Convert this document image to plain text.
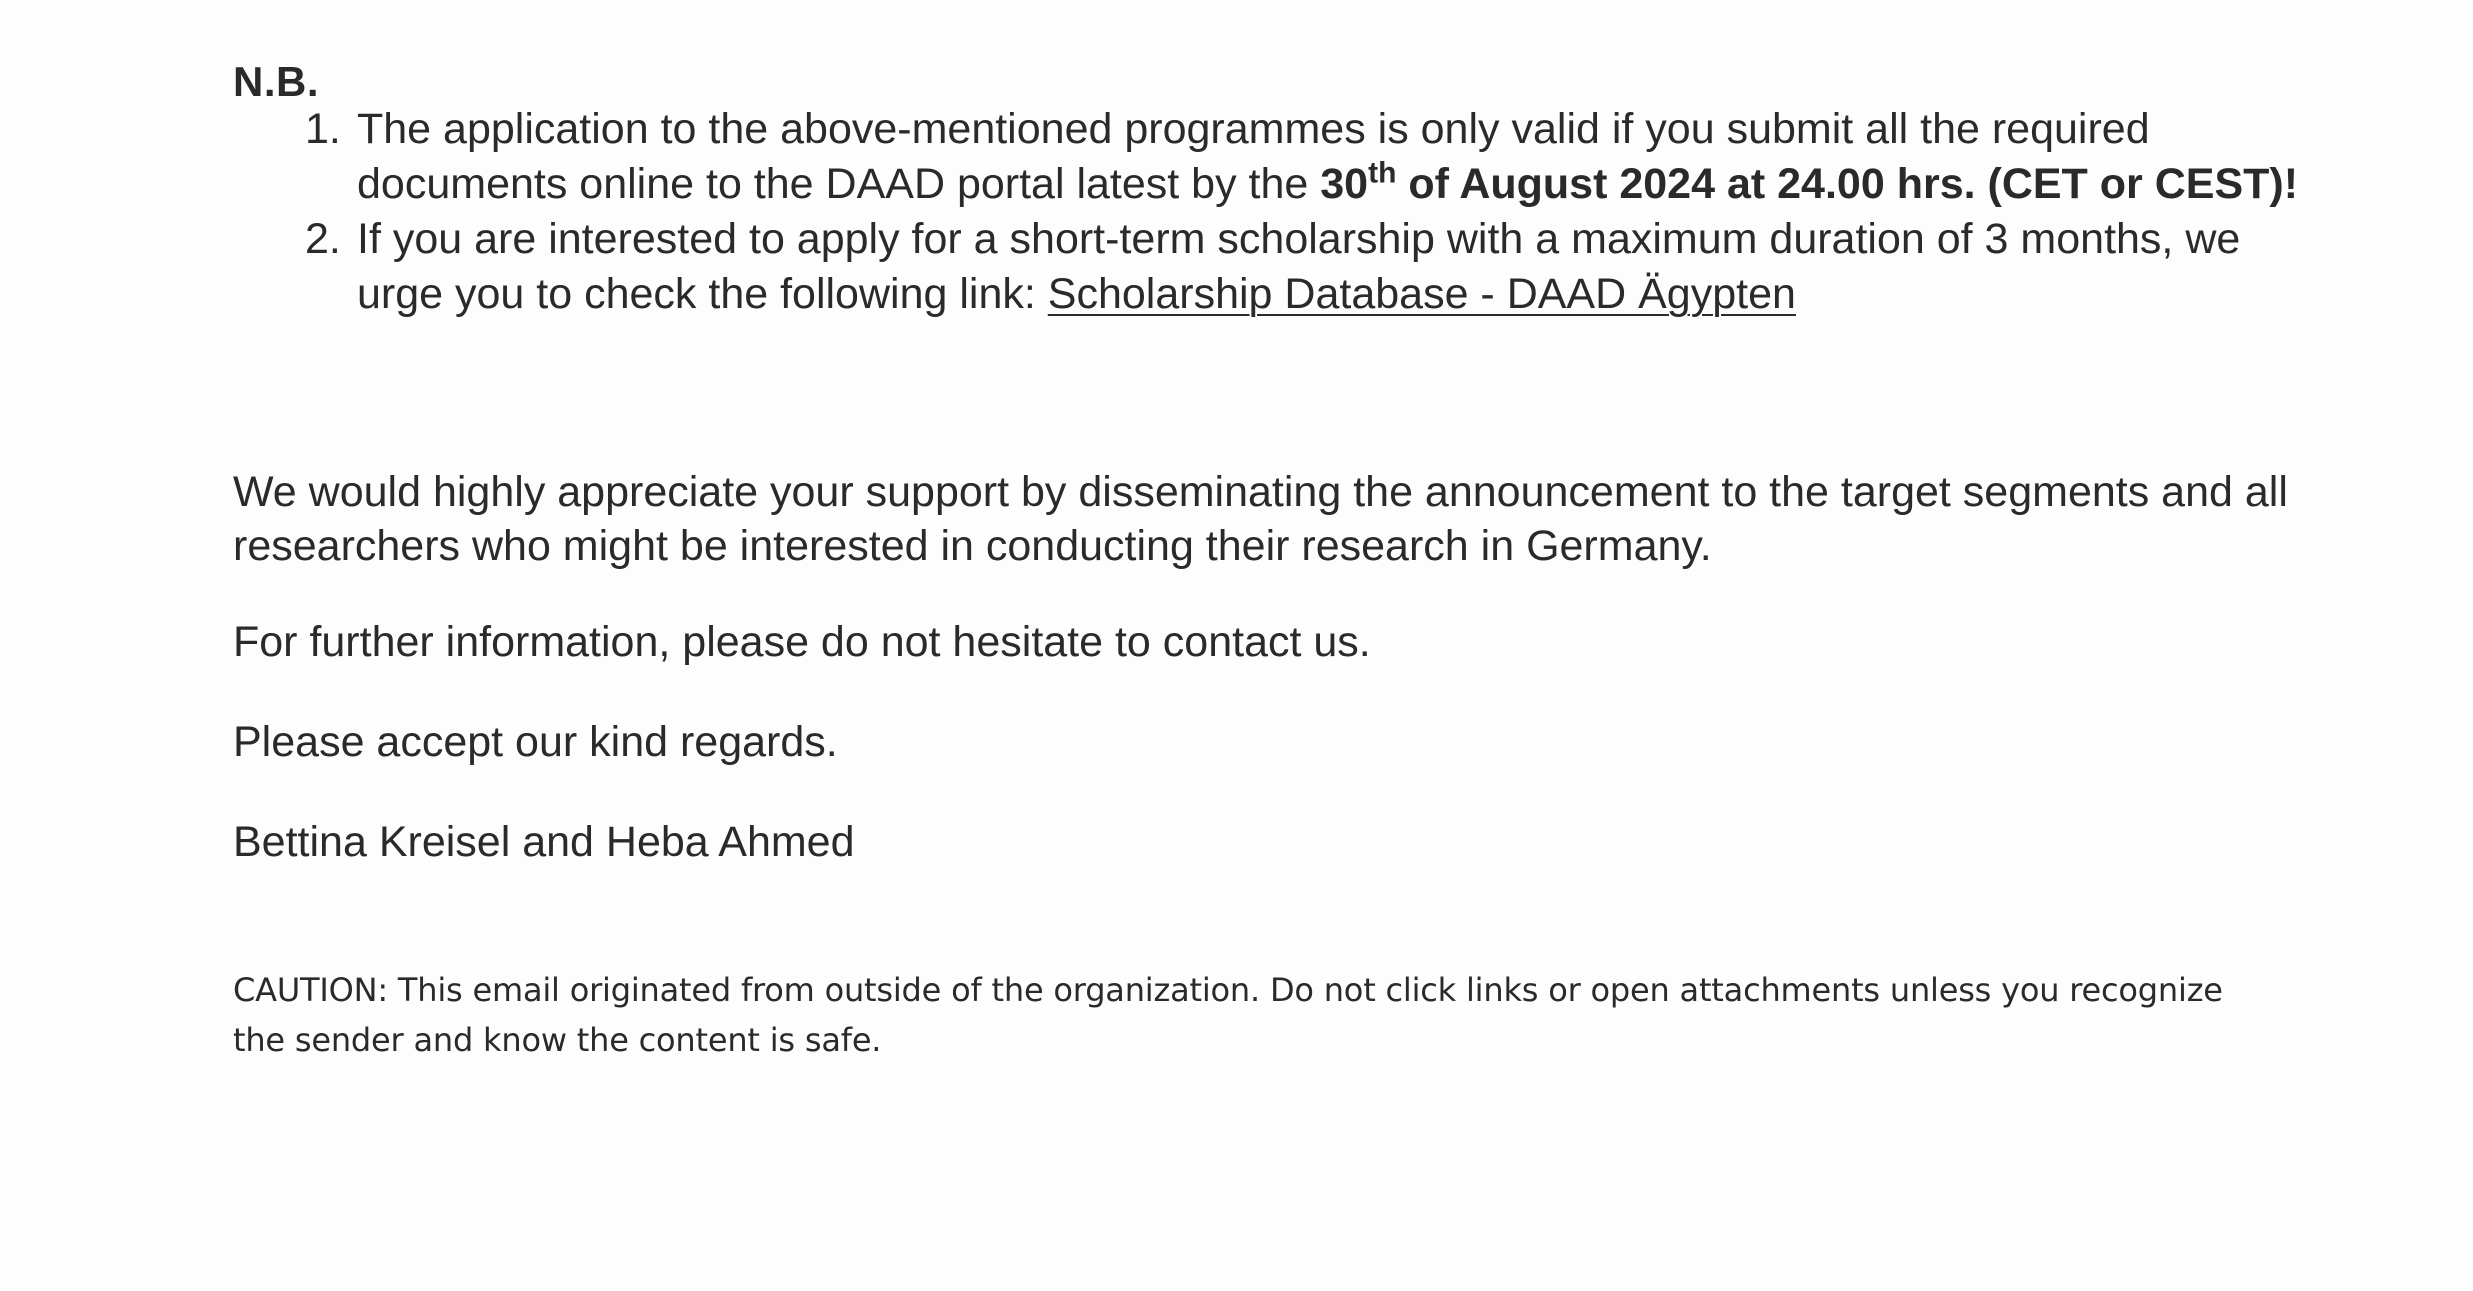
N.B.
1. The application to the above-mentioned programmes is only valid if you submit all the required documents online to the DAAD portal latest by the 30th of August 2024 at 24.00 hrs. (CET or CEST)!
2. If you are interested to apply for a short-term scholarship with a maximum duration of 3 months, we urge you to check the following link: Scholarship Database - DAAD Ägypten

We would highly appreciate your support by disseminating the announcement to the target segments and all researchers who might be interested in conducting their research in Germany.

For further information, please do not hesitate to contact us.

Please accept our kind regards.

Bettina Kreisel and Heba Ahmed

CAUTION: This email originated from outside of the organization. Do not click links or open attachments unless you recognize the sender and know the content is safe.
